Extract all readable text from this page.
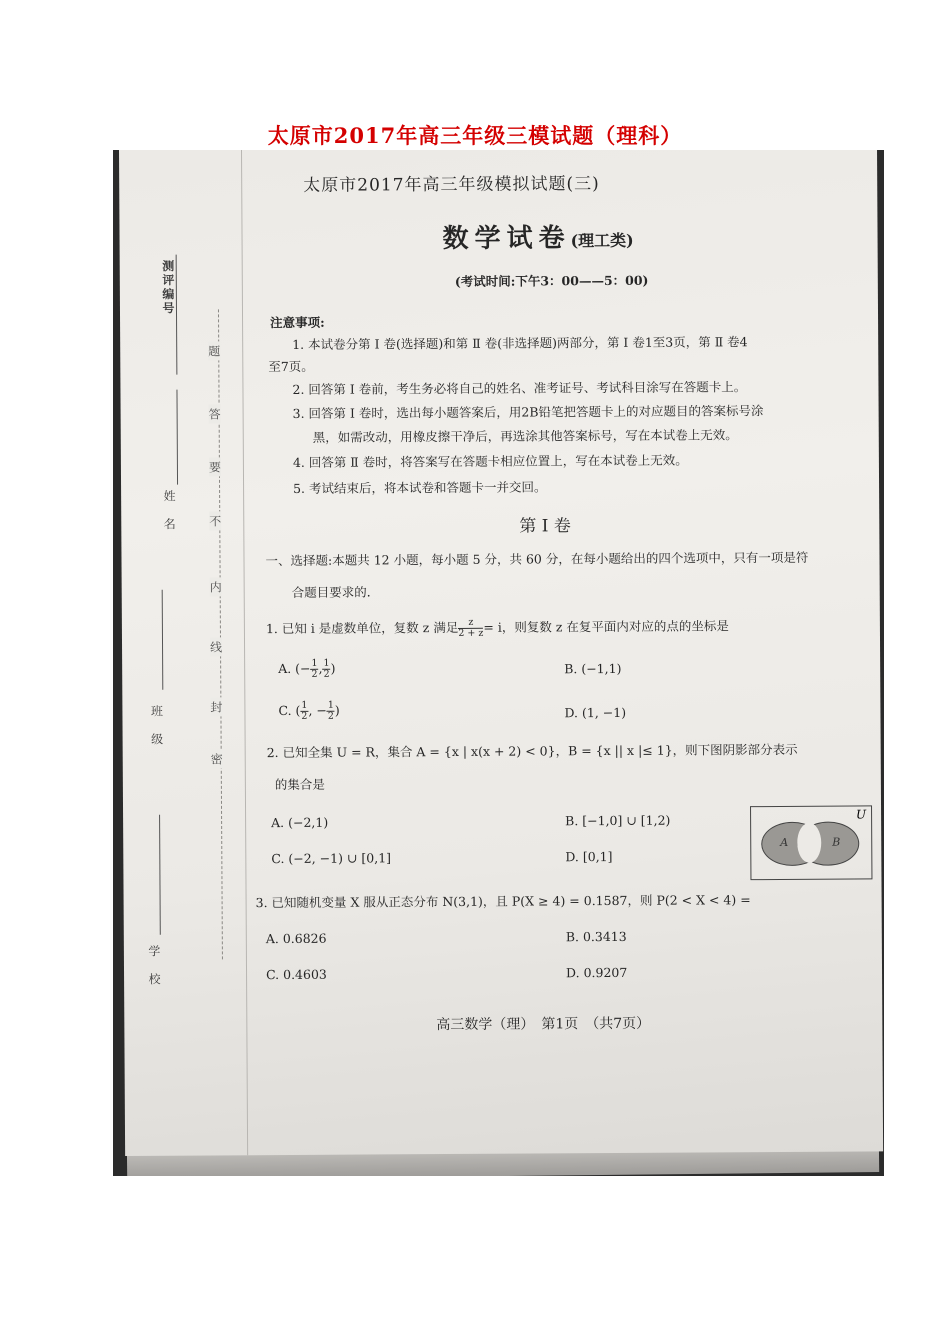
太原市2017年高三年级三模试题（理科）
测评编号
姓　名
班　级
学　校
题
答
要
不
内
线
封
密
太原市2017年高三年级模拟试题(三)
数学试卷(理工类)
(考试时间:下午3：00——5：00)
注意事项:
1. 本试卷分第 Ⅰ 卷(选择题)和第 Ⅱ 卷(非选择题)两部分，第 Ⅰ 卷1至3页，第 Ⅱ 卷4
至7页。
2. 回答第 Ⅰ 卷前，考生务必将自己的姓名、准考证号、考试科目涂写在答题卡上。
3. 回答第 Ⅰ 卷时，选出每小题答案后，用2B铅笔把答题卡上的对应题目的答案标号涂
黑，如需改动，用橡皮擦干净后，再选涂其他答案标号，写在本试卷上无效。
4. 回答第 Ⅱ 卷时，将答案写在答题卡相应位置上，写在本试卷上无效。
5. 考试结束后，将本试卷和答题卡一并交回。
第 Ⅰ 卷
一、选择题:本题共 12 小题，每小题 5 分，共 60 分，在每小题给出的四个选项中，只有一项是符
合题目要求的．
1. 已知 i 是虚数单位，复数 z 满足 $\frac{z}{2 + z}= i$，则复数 z 在复平面内对应的点的坐标是
A. (− $\frac{1}{2}$, $\frac{1}{2}$)	B. (−1,1)
C. ( $\frac{1}{2}$, − $\frac{1}{2}$)	D. (1, −1)
2. 已知全集 U = R，集合 A = {x | x(x + 2) < 0}，B = {x || x |≤ 1}，则下图阴影部分表示
的集合是
A. (−2,1)	B. [−1,0] ∪ [1,2)
C. (−2, −1) ∪ [0,1]	D. [0,1]
U
A	B
3. 已知随机变量 X 服从正态分布 N(3,1)，且 P(X ≥ 4) = 0.1587，则 P(2 < X < 4) =
A. 0.6826	B. 0.3413
C. 0.4603	D. 0.9207
高三数学（理）　第1页　（共7页）
